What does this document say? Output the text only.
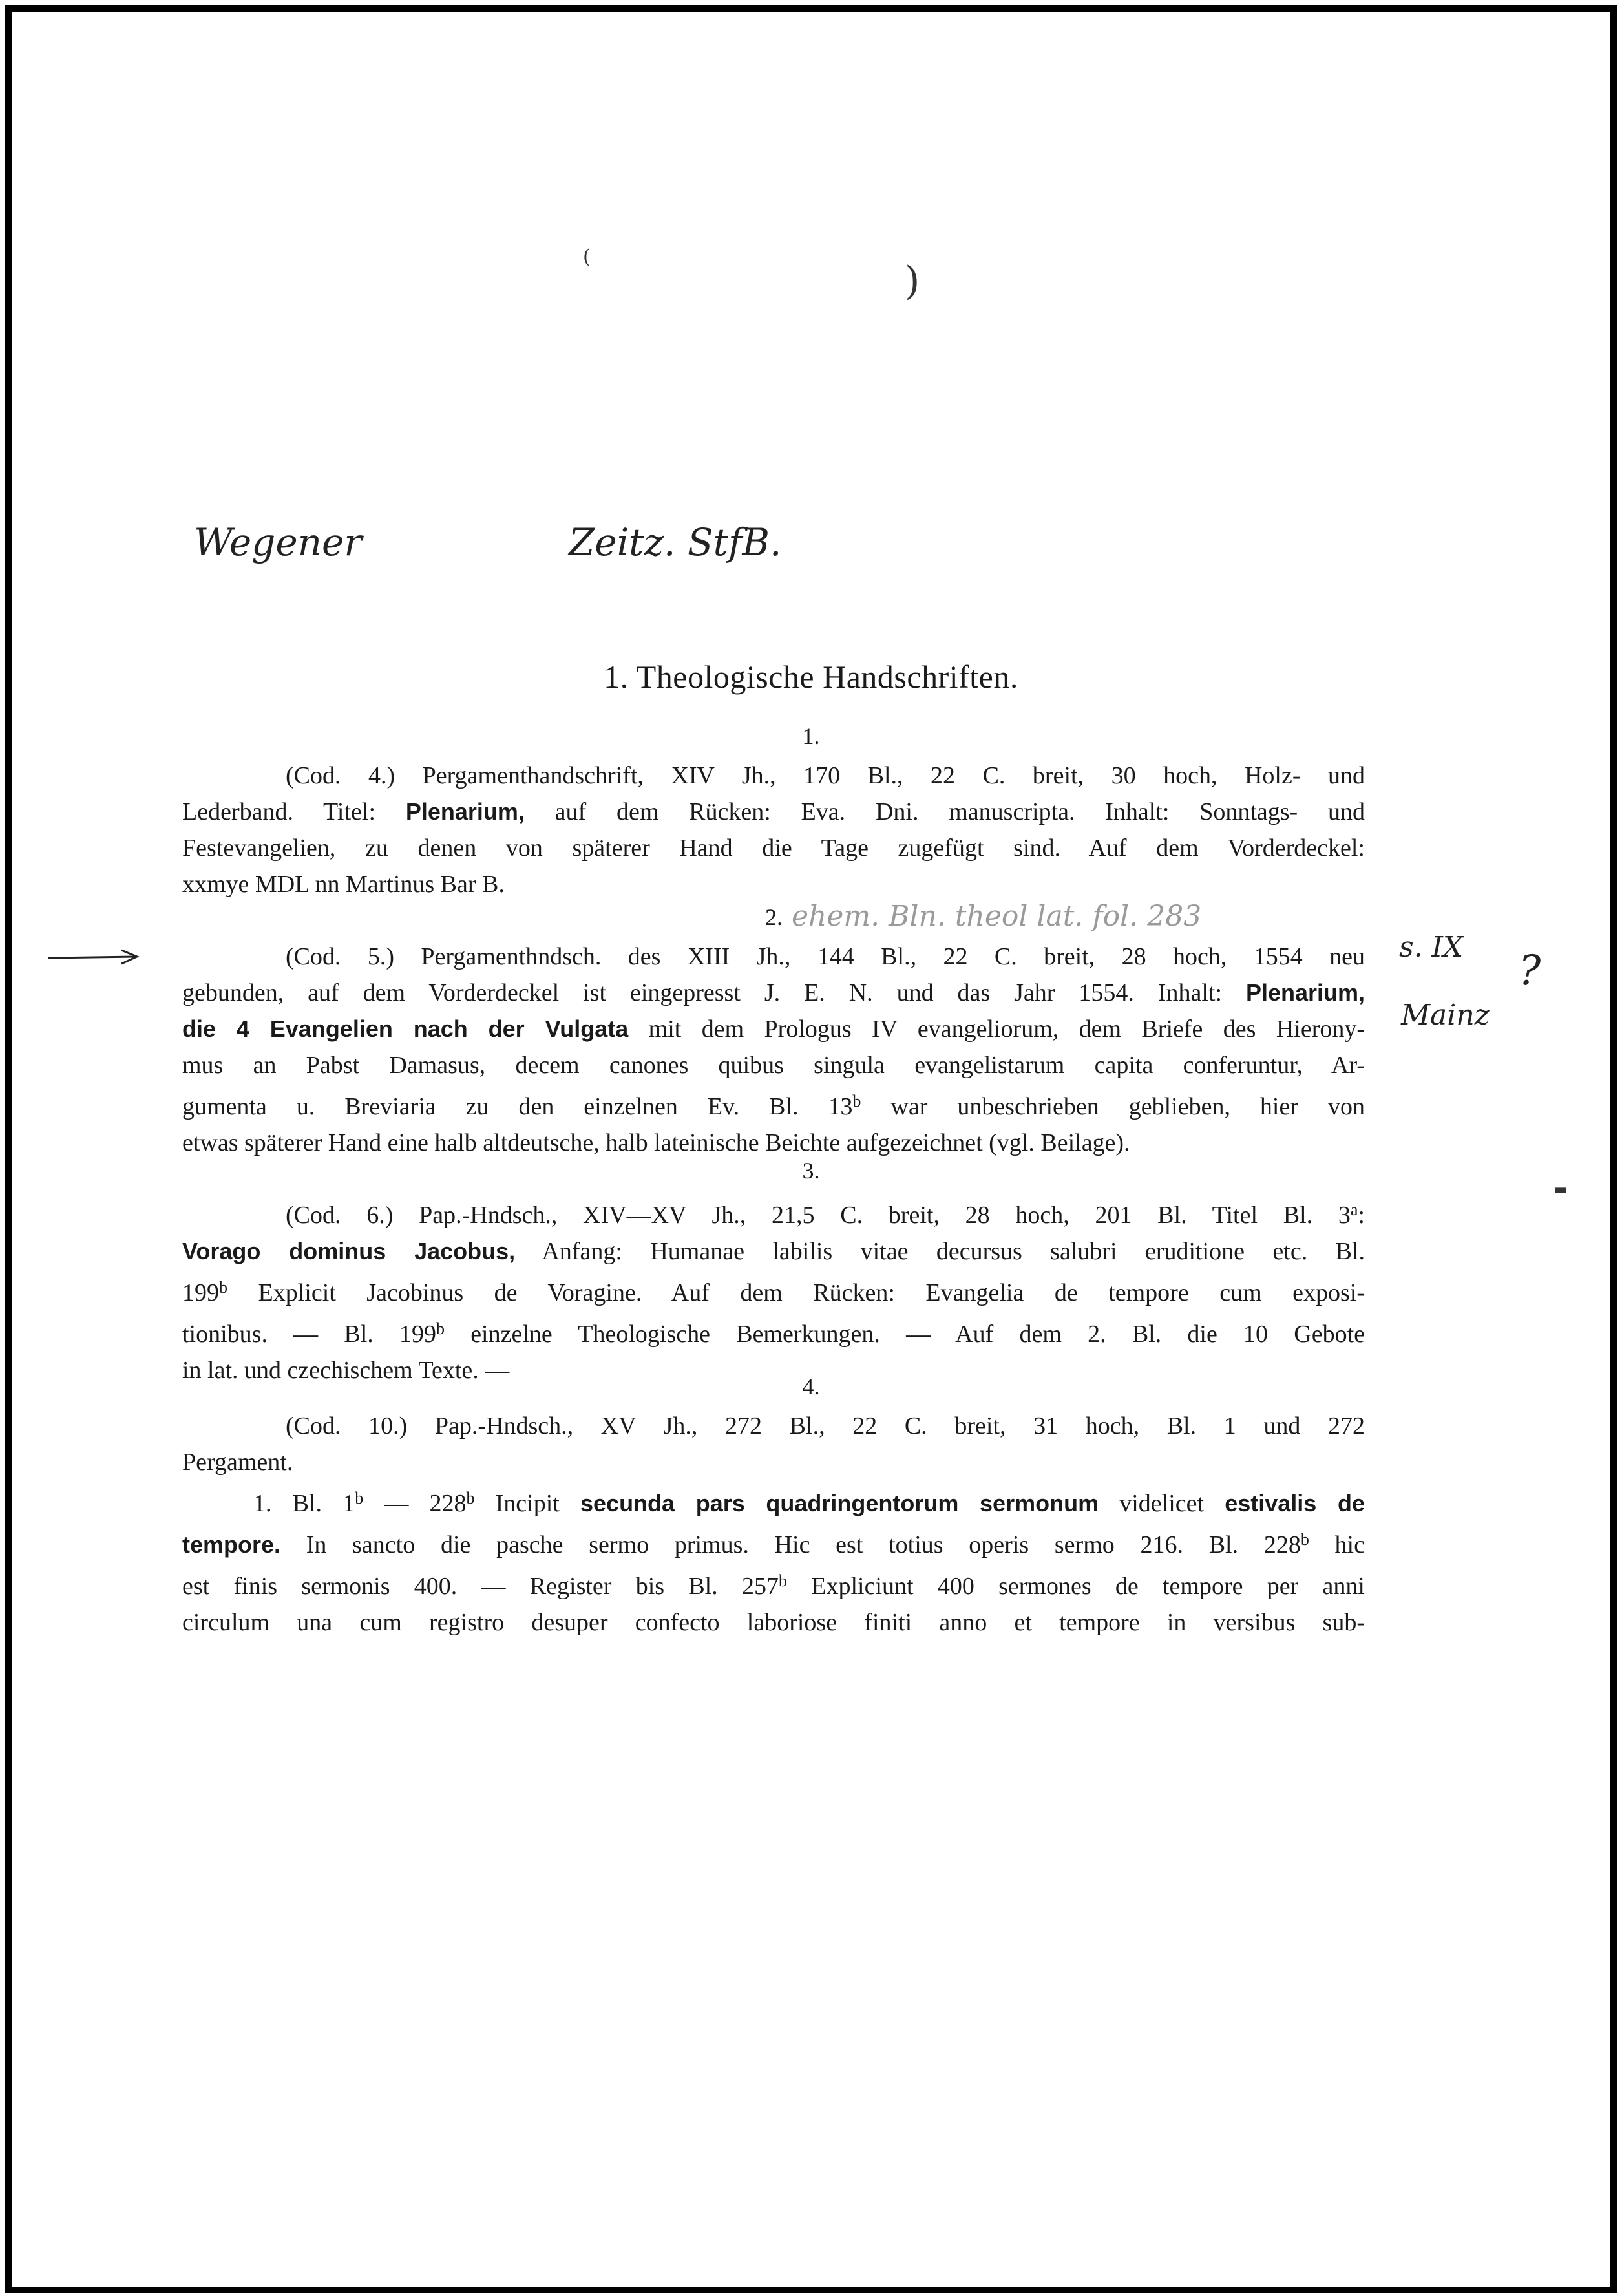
Wegener	Zeitz. StfB.
ehem. Bln. theol lat. fol. 283
s. IX ?
Mainz
(
)
▬
1. Theologische Handschriften.
1.
(Cod. 4.) Pergamenthandschrift, XIV Jh., 170 Bl., 22 C. breit, 30 hoch, Holz- und
Lederband. Titel: Plenarium, auf dem Rücken: Eva. Dni. manuscripta. Inhalt: Sonntags- und
Festevangelien, zu denen von späterer Hand die Tage zugefügt sind. Auf dem Vorderdeckel:
xxmye MDL nn Martinus Bar B.
2.
(Cod. 5.) Pergamenthndsch. des XIII Jh., 144 Bl., 22 C. breit, 28 hoch, 1554 neu
gebunden, auf dem Vorderdeckel ist eingepresst J. E. N. und das Jahr 1554. Inhalt: Plenarium,
die 4 Evangelien nach der Vulgata mit dem Prologus IV evangeliorum, dem Briefe des Hierony-
mus an Pabst Damasus, decem canones quibus singula evangelistarum capita conferuntur, Ar-
gumenta u. Breviaria zu den einzelnen Ev. Bl. 13$^b$ war unbeschrieben geblieben, hier von
etwas späterer Hand eine halb altdeutsche, halb lateinische Beichte aufgezeichnet (vgl. Beilage).
3.
(Cod. 6.) Pap.-Hndsch., XIV—XV Jh., 21,5 C. breit, 28 hoch, 201 Bl. Titel Bl. 3$^a$:
Vorago dominus Jacobus, Anfang: Humanae labilis vitae decursus salubri eruditione etc. Bl.
199$^b$ Explicit Jacobinus de Voragine. Auf dem Rücken: Evangelia de tempore cum exposi-
tionibus. — Bl. 199$^b$ einzelne Theologische Bemerkungen. — Auf dem 2. Bl. die 10 Gebote
in lat. und czechischem Texte. —
4.
(Cod. 10.) Pap.-Hndsch., XV Jh., 272 Bl., 22 C. breit, 31 hoch, Bl. 1 und 272
Pergament.
1. Bl. 1$^b$ — 228$^b$ Incipit secunda pars quadringentorum sermonum videlicet estivalis de
tempore. In sancto die pasche sermo primus. Hic est totius operis sermo 216. Bl. 228$^b$ hic
est finis sermonis 400. — Register bis Bl. 257$^b$ Expliciunt 400 sermones de tempore per anni
circulum una cum registro desuper confecto laboriose finiti anno et tempore in versibus sub-
